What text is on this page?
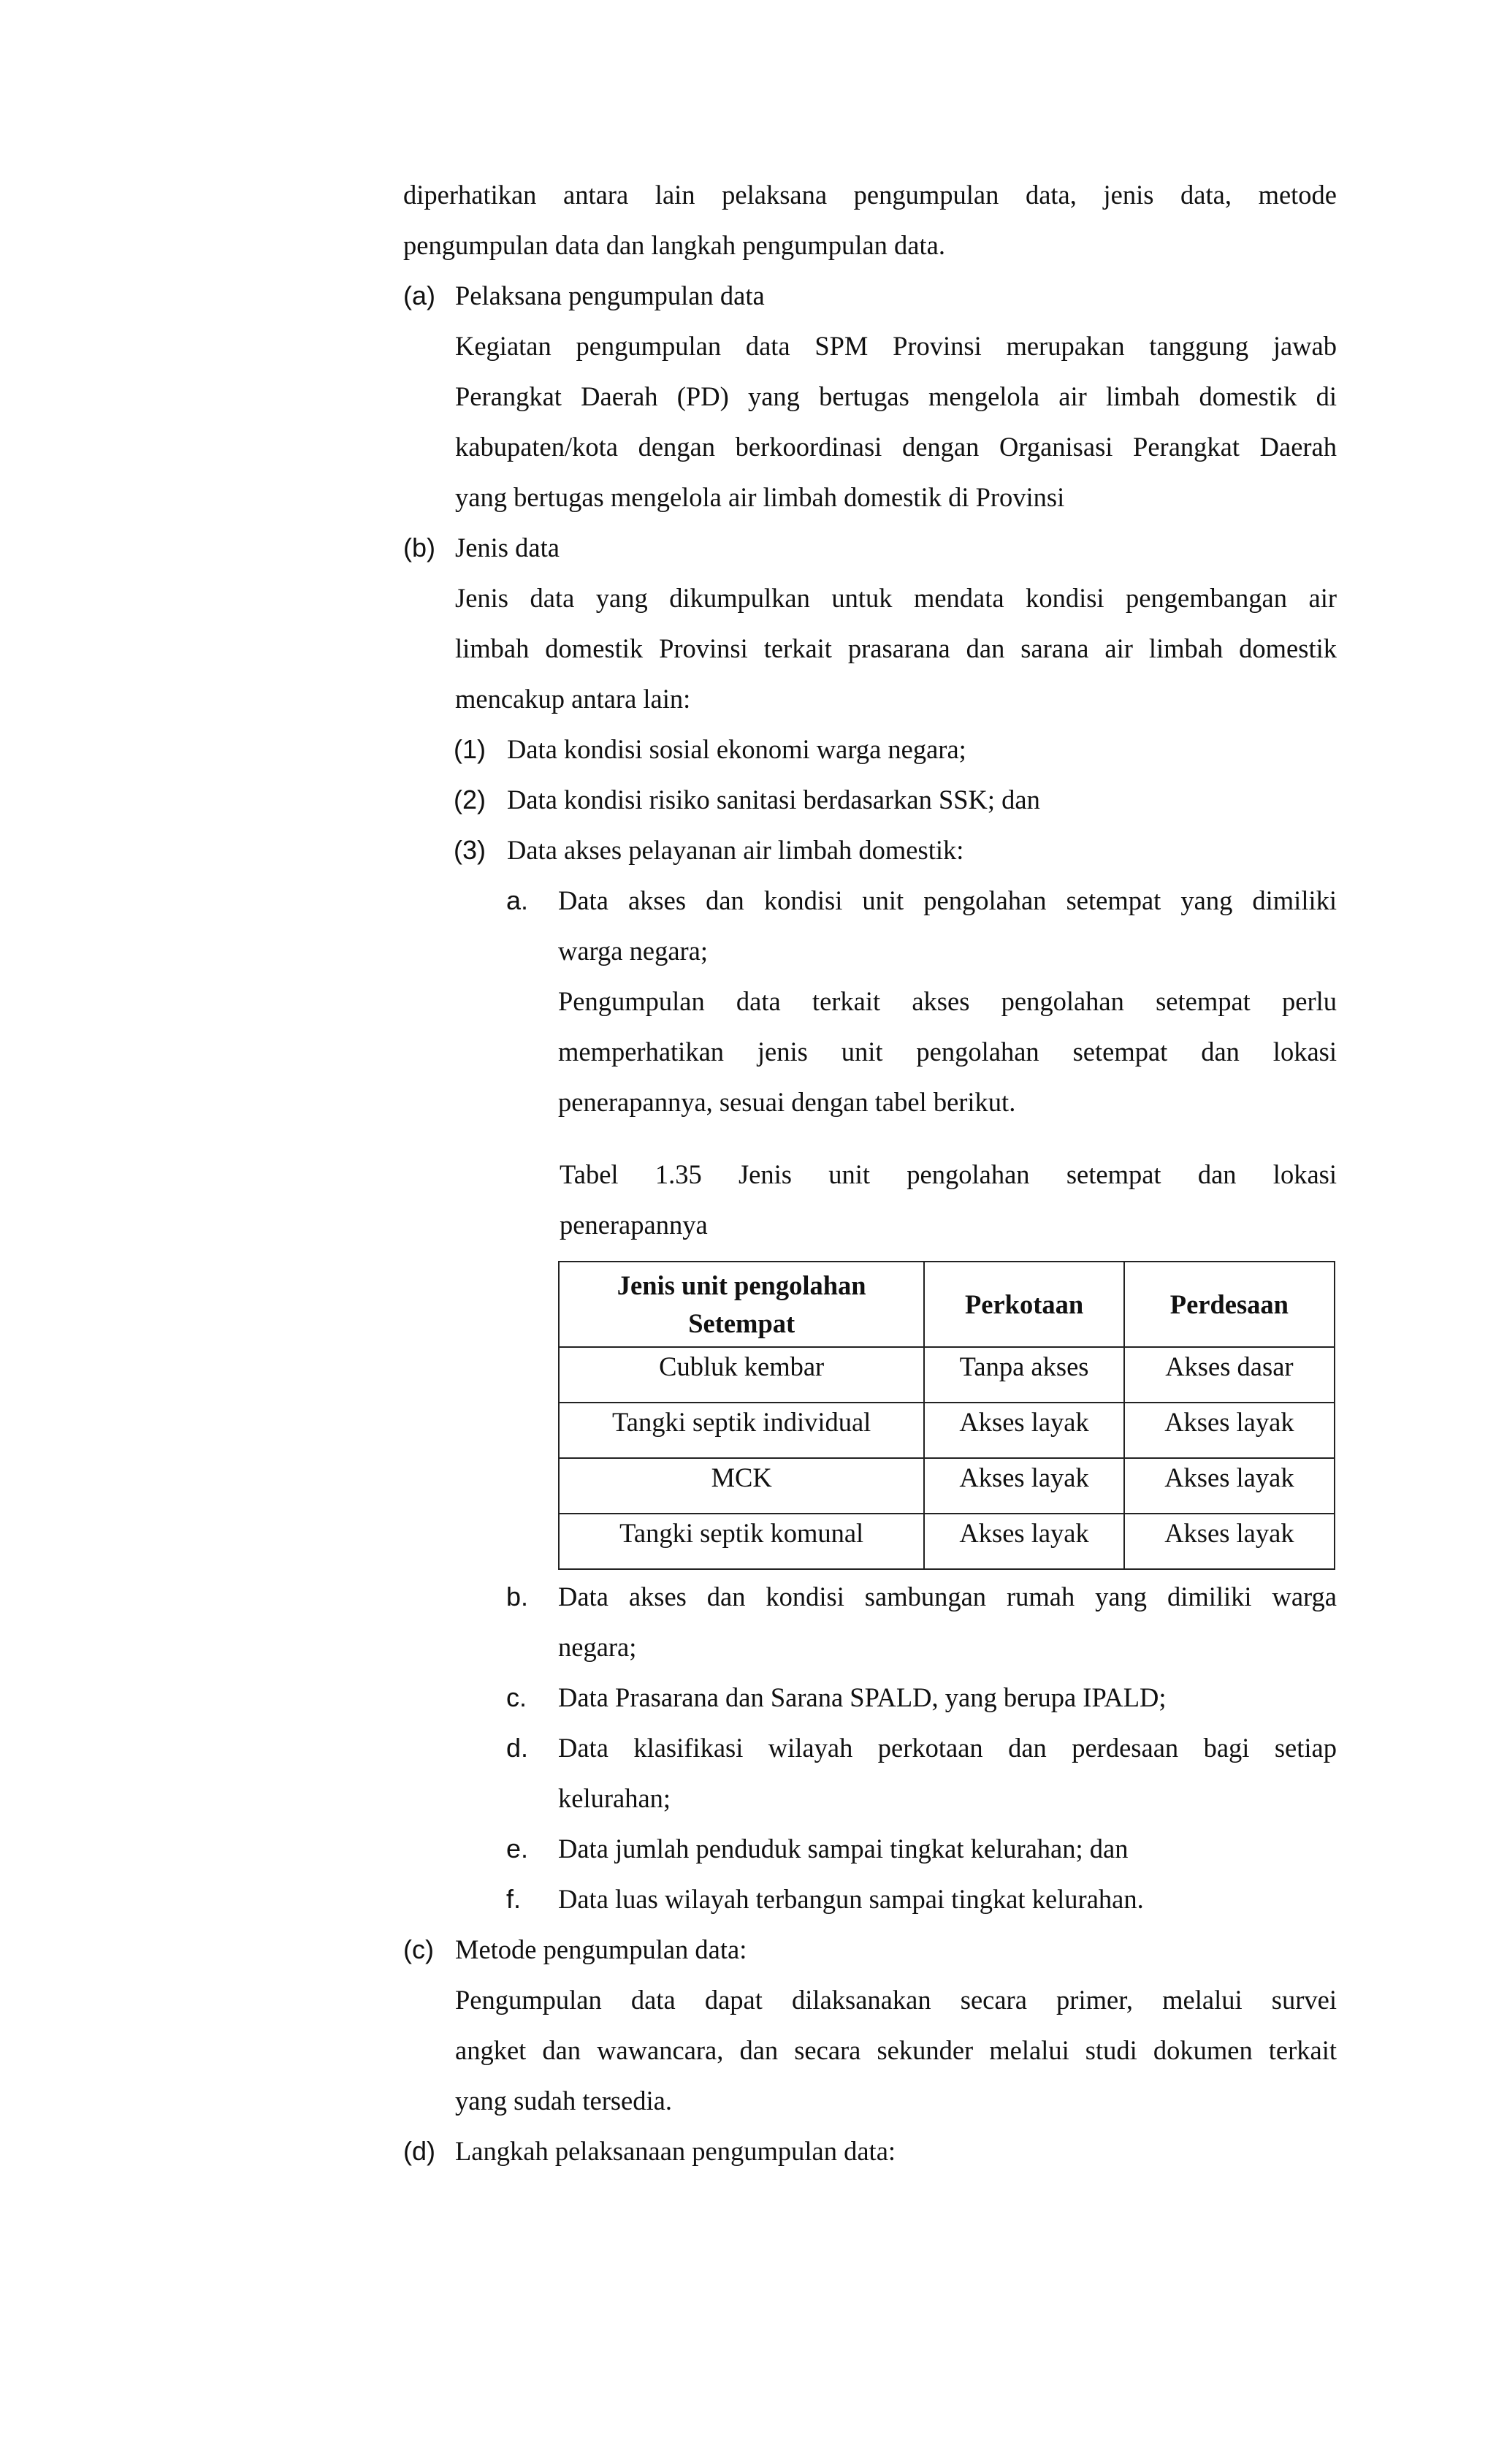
diperhatikan antara lain pelaksana pengumpulan data, jenis data, metode
pengumpulan data dan langkah pengumpulan data.
(a) Pelaksana pengumpulan data
Kegiatan pengumpulan data SPM Provinsi merupakan tanggung jawab
Perangkat Daerah (PD) yang bertugas mengelola air limbah domestik di
kabupaten/kota dengan berkoordinasi dengan Organisasi Perangkat Daerah
yang bertugas mengelola air limbah domestik di Provinsi
(b) Jenis data
Jenis data yang dikumpulkan untuk mendata kondisi pengembangan air
limbah domestik Provinsi terkait prasarana dan sarana air limbah domestik
mencakup antara lain:
(1) Data kondisi sosial ekonomi warga negara;
(2) Data kondisi risiko sanitasi berdasarkan SSK; dan
(3) Data akses pelayanan air limbah domestik:
a. Data akses dan kondisi unit pengolahan setempat yang dimiliki
warga negara;
Pengumpulan data terkait akses pengolahan setempat perlu
memperhatikan jenis unit pengolahan setempat dan lokasi
penerapannya, sesuai dengan tabel berikut.
Tabel 1.35 Jenis unit pengolahan setempat dan lokasi
penerapannya
Jenis unit pengolahan
Setempat	Perkotaan	Perdesaan
Cubluk kembar	Tanpa akses	Akses dasar
Tangki septik individual	Akses layak	Akses layak
MCK	Akses layak	Akses layak
Tangki septik komunal	Akses layak	Akses layak
b. Data akses dan kondisi sambungan rumah yang dimiliki warga
negara;
c. Data Prasarana dan Sarana SPALD, yang berupa IPALD;
d. Data klasifikasi wilayah perkotaan dan perdesaan bagi setiap
kelurahan;
e. Data jumlah penduduk sampai tingkat kelurahan; dan
f. Data luas wilayah terbangun sampai tingkat kelurahan.
(c) Metode pengumpulan data:
Pengumpulan data dapat dilaksanakan secara primer, melalui survei
angket dan wawancara, dan secara sekunder melalui studi dokumen terkait
yang sudah tersedia.
(d) Langkah pelaksanaan pengumpulan data:
